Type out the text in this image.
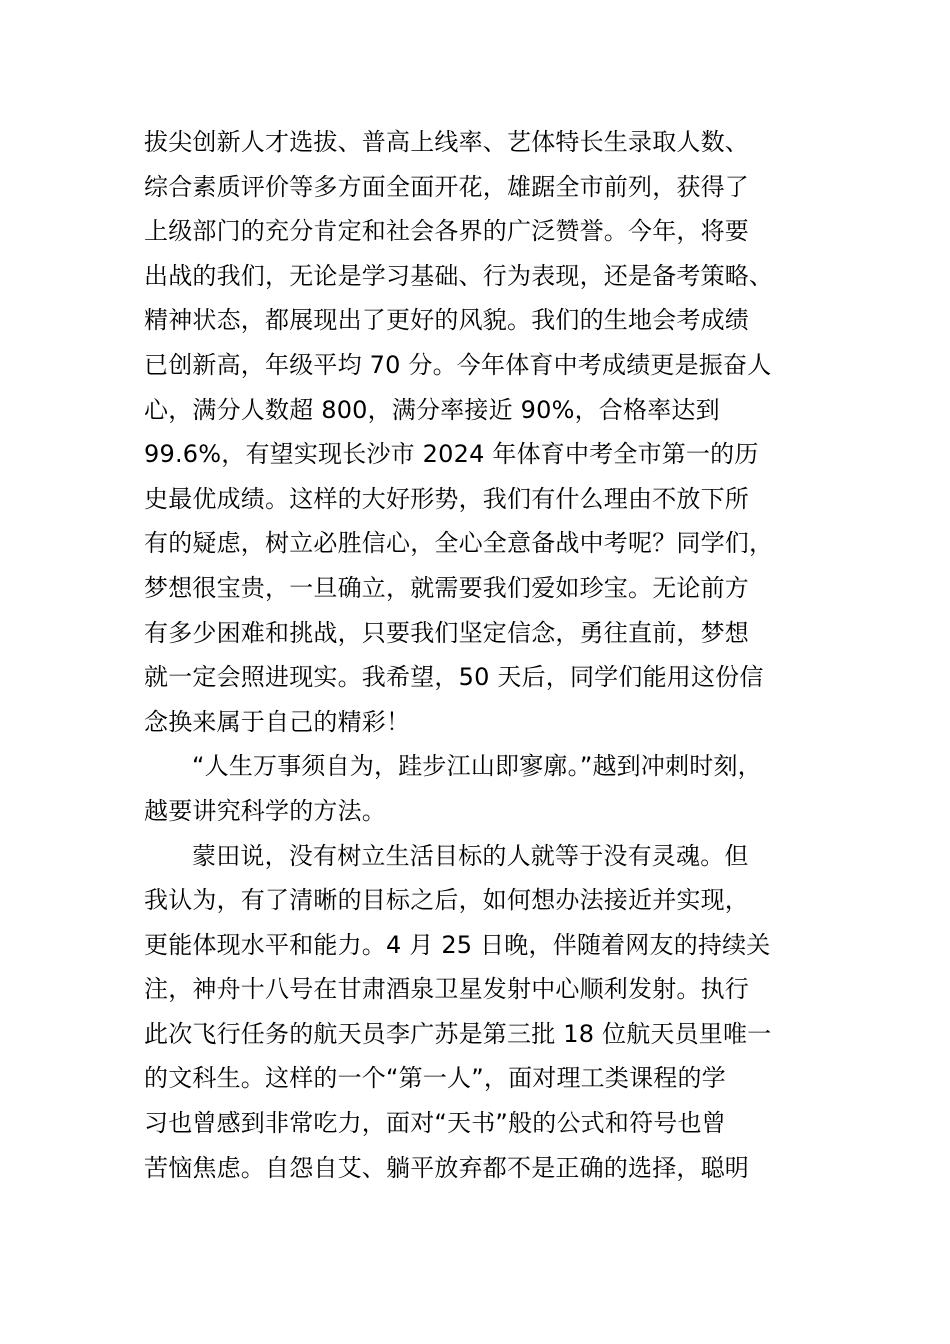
拔尖创新人才选拔、普高上线率、艺体特长生录取人数、
综合素质评价等多方面全面开花，雄踞全市前列，获得了
上级部门的充分肯定和社会各界的广泛赞誉。今年，将要
出战的我们，无论是学习基础、行为表现，还是备考策略、
精神状态，都展现出了更好的风貌。我们的生地会考成绩
已创新高，年级平均 70 分。今年体育中考成绩更是振奋人
心，满分人数超 800，满分率接近 90%，合格率达到
99.6%，有望实现长沙市 2024 年体育中考全市第一的历
史最优成绩。这样的大好形势，我们有什么理由不放下所
有的疑虑，树立必胜信心，全心全意备战中考呢？同学们，
梦想很宝贵，一旦确立，就需要我们爱如珍宝。无论前方
有多少困难和挑战，只要我们坚定信念，勇往直前，梦想
就一定会照进现实。我希望，50 天后，同学们能用这份信
念换来属于自己的精彩！
“人生万事须自为，跬步江山即寥廓。”越到冲刺时刻，
越要讲究科学的方法。
蒙田说，没有树立生活目标的人就等于没有灵魂。但
我认为，有了清晰的目标之后，如何想办法接近并实现，
更能体现水平和能力。4 月 25 日晚，伴随着网友的持续关
注，神舟十八号在甘肃酒泉卫星发射中心顺利发射。执行
此次飞行任务的航天员李广苏是第三批 18 位航天员里唯一
的文科生。这样的一个“第一人”，面对理工类课程的学
习也曾感到非常吃力，面对“天书”般的公式和符号也曾
苦恼焦虑。自怨自艾、躺平放弃都不是正确的选择，聪明
